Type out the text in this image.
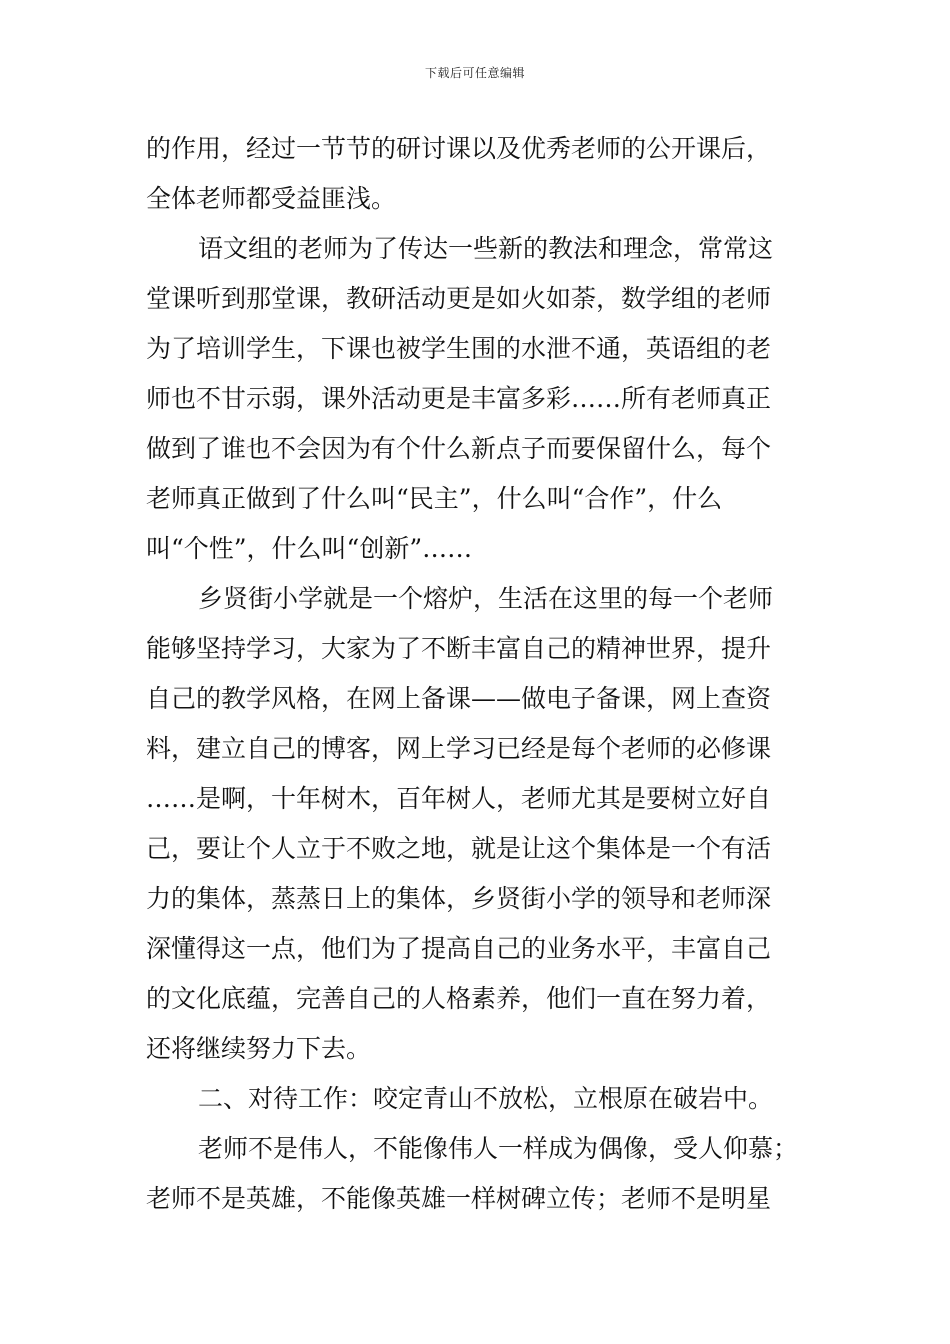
下载后可任意编辑
的作用，经过一节节的研讨课以及优秀老师的公开课后，
全体老师都受益匪浅。
语文组的老师为了传达一些新的教法和理念，常常这
堂课听到那堂课，教研活动更是如火如荼，数学组的老师
为了培训学生，下课也被学生围的水泄不通，英语组的老
师也不甘示弱，课外活动更是丰富多彩……所有老师真正
做到了谁也不会因为有个什么新点子而要保留什么，每个
老师真正做到了什么叫“民主”，什么叫“合作”，什么
叫“个性”，什么叫“创新”……
乡贤街小学就是一个熔炉，生活在这里的每一个老师
能够坚持学习，大家为了不断丰富自己的精神世界，提升
自己的教学风格，在网上备课——做电子备课，网上查资
料，建立自己的博客，网上学习已经是每个老师的必修课
……是啊，十年树木，百年树人，老师尤其是要树立好自
己，要让个人立于不败之地，就是让这个集体是一个有活
力的集体，蒸蒸日上的集体，乡贤街小学的领导和老师深
深懂得这一点，他们为了提高自己的业务水平，丰富自己
的文化底蕴，完善自己的人格素养，他们一直在努力着，
还将继续努力下去。
二、对待工作：咬定青山不放松，立根原在破岩中。
老师不是伟人，不能像伟人一样成为偶像，受人仰慕；
老师不是英雄，不能像英雄一样树碑立传；老师不是明星
